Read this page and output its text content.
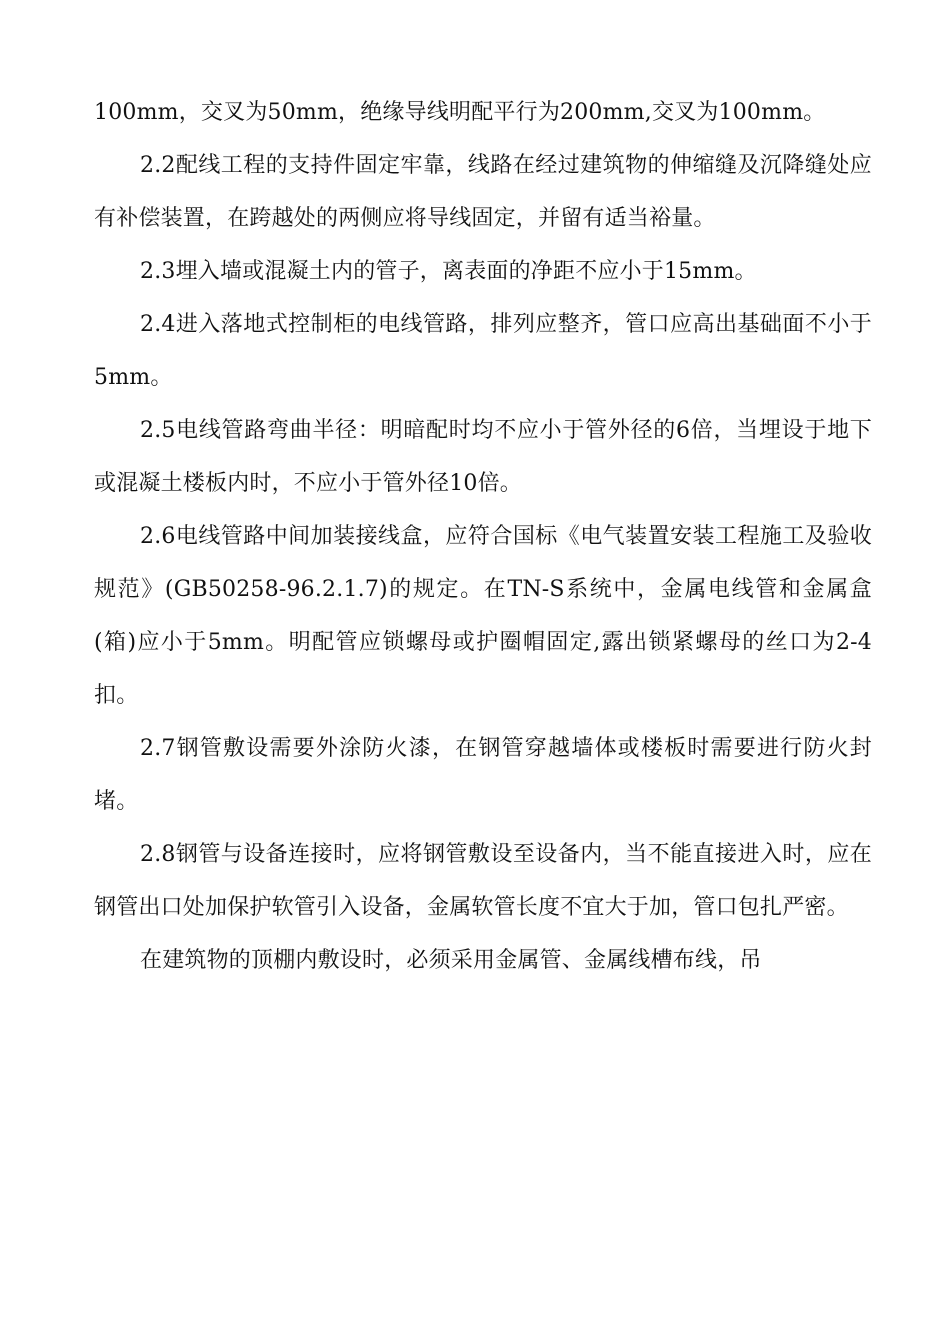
100mm，交叉为50mm，绝缘导线明配平行为200mm,交叉为100mm。

2.2配线工程的支持件固定牢靠，线路在经过建筑物的伸缩缝及沉降缝处应有补偿装置，在跨越处的两侧应将导线固定，并留有适当裕量。

2.3埋入墙或混凝土内的管子，离表面的净距不应小于15mm。

2.4进入落地式控制柜的电线管路，排列应整齐，管口应高出基础面不小于5mm。

2.5电线管路弯曲半径：明暗配时均不应小于管外径的6倍，当埋设于地下或混凝土楼板内时，不应小于管外径10倍。

2.6电线管路中间加装接线盒，应符合国标《电气装置安装工程施工及验收规范》(GB50258-96.2.1.7)的规定。在TN-S系统中，金属电线管和金属盒(箱)应小于5mm。明配管应锁螺母或护圈帽固定,露出锁紧螺母的丝口为2-4扣。

2.7钢管敷设需要外涂防火漆，在钢管穿越墙体或楼板时需要进行防火封堵。

2.8钢管与设备连接时，应将钢管敷设至设备内，当不能直接进入时，应在钢管出口处加保护软管引入设备，金属软管长度不宜大于加，管口包扎严密。

在建筑物的顶棚内敷设时，必须采用金属管、金属线槽布线，吊
